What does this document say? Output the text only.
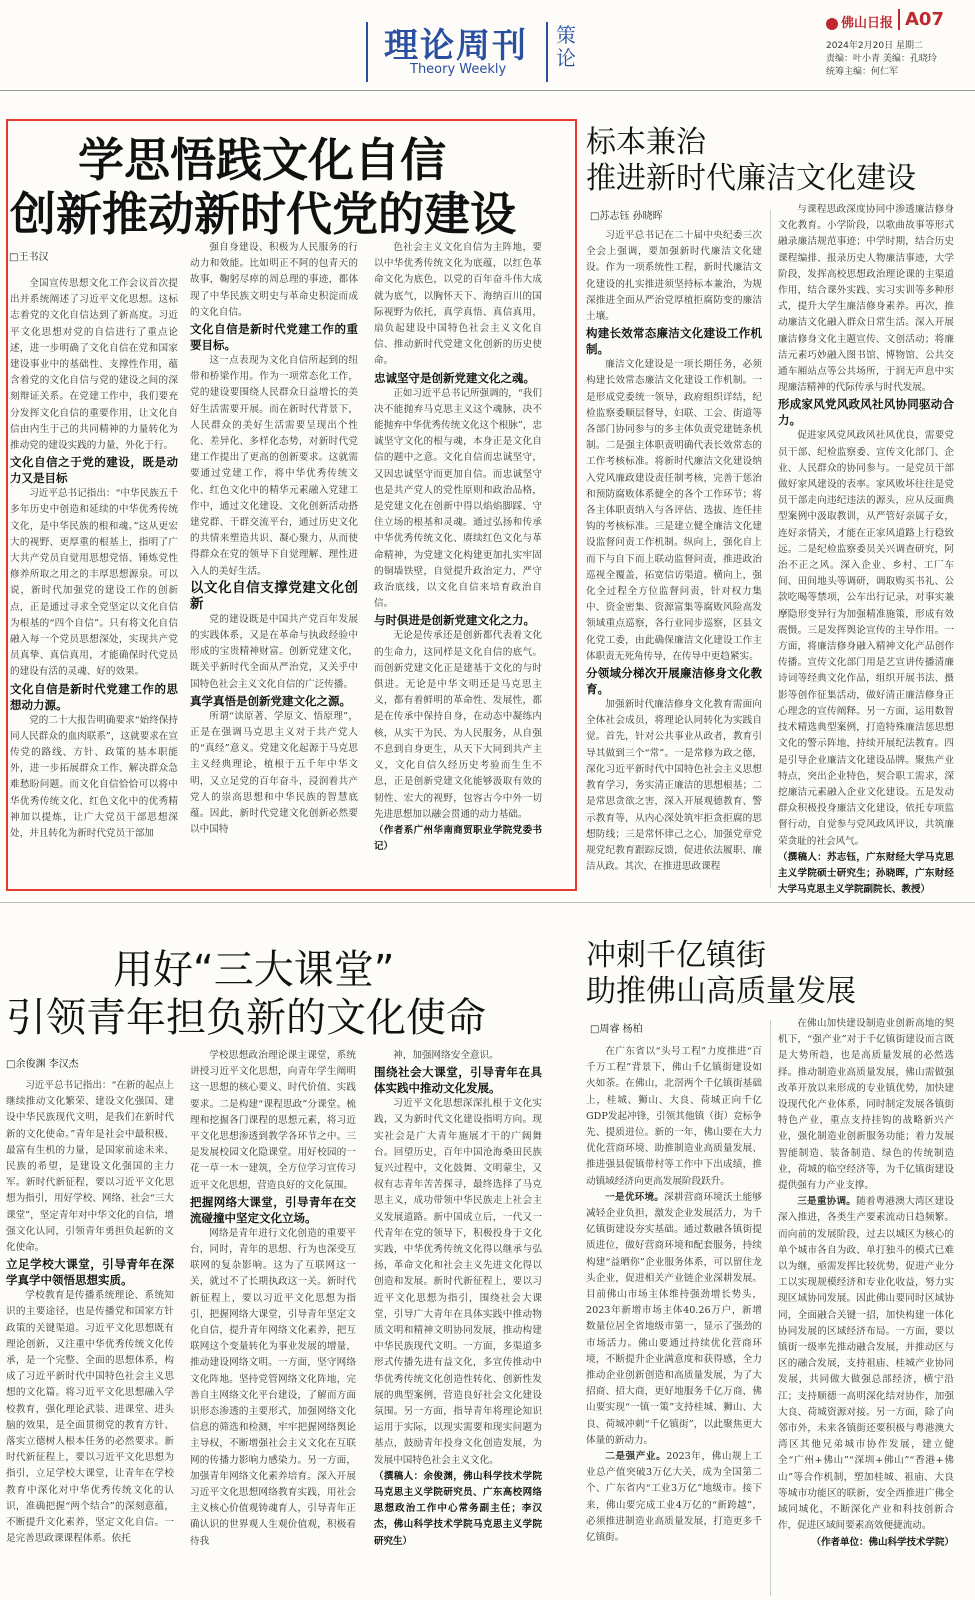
理论周刊
Theory Weekly
策论
佛山日报 A07
2024年2月20日 星期二
责编：叶小青 美编：孔晓玲
统筹主编：何仁军
学思悟践文化自信
创新推动新时代党的建设
□王书汉

全国宣传思想文化工作会议首次提出并系统阐述了习近平文化思想。这标志着党的文化自信达到了新高度。习近平文化思想对党的自信进行了重点论述，进一步明确了文化自信在党和国家建设事业中的基础性、支撑性作用，蕴含着党的文化自信与党的建设之间的深刻辩证关系。在党建工作中，我们要充分发挥文化自信的重要作用，让文化自信由内生于己的共同精神的力量转化为推动党的建设实践的力量，外化于行。

文化自信之于党的建设，既是动力又是目标

习近平总书记指出：“中华民族五千多年历史中创造和延续的中华优秀传统文化，是中华民族的根和魂。”这从更宏大的视野、更厚重的根基上，指明了广大共产党员自觉用思想党悟、锤炼党性修养所取之用之的丰厚思想源泉。可以说，新时代加强党的建设工作的创新点，正是通过寻求全党坚定以文化自信为根基的“四个自信”。只有将文化自信融入每一个党员思想深处，实现共产党员真挚、真信真用，才能确保时代党员的建设有活的灵魂、好的效果。

文化自信是新时代党建工作的思想动力源。

党的二十大报告明确要求“始终保持同人民群众的血肉联系”，这就要求在宣传党的路线、方针、政策的基本职能外，进一步拓展群众工作、解决群众急难愁盼问题。而文化自信恰恰可以将中华优秀传统文化、红色文化中的优秀精神加以提炼，让广大党员干部思想深处，并且转化为新时代党员干部加

强自身建设、积极为人民服务的行动力和效能。比如明正不阿的包青天的故事，鞠躬尽瘁的周总理的事迹，都体现了中华民族文明史与革命史积淀而成的文化自信。

文化自信是新时代党建工作的重要目标。

这一点表现为文化自信所起到的纽带和桥梁作用。作为一项常态化工作，党的建设要围绕人民群众日益增长的美好生活需要开展。而在新时代背景下，人民群众的美好生活需要呈现出个性化、差异化、多样化态势，对新时代党建工作提出了更高的创新要求。这就需要通过党建工作，将中华优秀传统文化、红色文化中的精华元素融入党建工作中，通过文化建设、文化创新活动搭建党群、干群交流平台，通过历史文化的共情来塑造共识、凝心聚力，从而使得群众在党的领导下自觉理解、理性进入人的美好生活。

以文化自信支撑党建文化创新

党的建设既是中国共产党百年发展的实践体系，又是在革命与执政经验中形成的宝贵精神财富。创新党建文化，既关乎新时代全面从严治党，又关乎中国特色社会主义文化自信的广泛传播。

真学真悟是创新党建文化之源。

所谓“读原著、学原文、悟原理”，正是在强调马克思主义对于共产党人的“真经”意义。党建文化起源于马克思主义经典理论，植根于五千年中华文明，又立足党的百年奋斗，浸润着共产党人的崇高思想和中华民族的智慧底蕴。因此，新时代党建文化创新必然要以中国特

色社会主义文化自信为主阵地，要以中华优秀传统文化为底蕴，以红色革命文化为底色，以党的百年奋斗伟大成就为底气，以胸怀天下、海纳百川的国际视野为依托，真学真悟、真信真用，扇负起建设中国特色社会主义文化自信、推动新时代党建文化创新的历史使命。

忠诚坚守是创新党建文化之魂。

正如习近平总书记所强调的，“我们决不能抛弃马克思主义这个魂脉，决不能抛弃中华优秀传统文化这个根脉”，忠诚坚守文化的根与魂，本身正是文化自信的题中之意。文化自信而忠诚坚守，又因忠诚坚守而更加自信。而忠诚坚守也是共产党人的党性原则和政治品格，是党建文化在创新中得以焰焰脚踩、守住立场的根基和灵魂。通过弘扬和传承中华优秀传统文化、赓续红色文化与革命精神，为党建文化构建更加扎实牢固的铜墙铁壁，自觉提升政治定力，严守政治底线，以文化自信来培育政治自信。

与时俱进是创新党建文化之力。

无论是传承还是创新都代表着文化的生命力，这同样是文化自信的底气。而创新党建文化正是建基于文化的与时俱进。无论是中华文明还是马克思主义，都有着鲜明的革命性、发展性，都是在传承中保持自身，在动态中凝练内核，从实干为民、为人民服务，从自强不息到自身更生，从天下大同到共产主义，文化自信久经历史考验而生生不息，正是创新党建文化能够汲取有效的韧性、宏大的视野，包容古今中外一切先进思想加以融会贯通的动力基础。

（作者系广州华南商贸职业学院党委书记）

标本兼治
推进新时代廉洁文化建设
□苏志钰 孙晓晖

习近平总书记在二十届中央纪委三次全会上强调，要加强新时代廉洁文化建设。作为一项系统性工程，新时代廉洁文化建设的扎实推进须坚持标本兼治，为规深推进全面从严治党厚植拒腐防变的廉洁土壤。

构建长效常态廉洁文化建设工作机制。

廉洁文化建设是一项长期任务，必须构建长效常态廉洁文化建设工作机制。一是形成党委统一领导，政府组织详结，纪检监察委顺层督导，妇联、工会、街道等各部门协同参与的多主体负责党建链条机制。二是强主体职责明确代表长效常态的工作考核标准。将新时代廉洁文化建设纳入党风廉政建设责任制考核，完善于惩治和预防腐败体系健全的各个工作环节；将各主体职责纳入与各评估、选拔、连任挂钩的考核标准。三是建立健全廉洁文化建设监督问责工作机制。纵向上，强化自上而下与自下而上联动监督问责，推进政治巡视全覆盖，拓宽信访渠道。横向上，强化全过程全方位监督问责，针对权力集中、资金密集、资源富集等腐败风险高发领域重点巡察，各行业同步巡察，区县文化党工委，由此确保廉洁文化建设工作主体职责无死角传导，在传导中更趋紧实。

分领域分梯次开展廉洁修身文化教育。

加强新时代廉洁修身文化教育需面向全体社会成员，将理论认同转化为实践自觉。首先，针对公共事业从政者，教育引导其做到三个“常”。一是常修为政之德，深化习近平新时代中国特色社会主义思想教育学习，务实清正廉洁的思想根基；二是常思贪欲之害，深入开展观德教育、警示教育等，从内心深处筑牢拒贪拒腐的思想防线；三是常怀律己之心，加强党章党规党纪教育跟踪反馈，促进依法履职、廉洁从政。其次，在推进思政课程

与课程思政深度协同中渗透廉洁修身文化教育。小学阶段，以歌曲故事等形式融录廉洁规范事迹；中学时期，结合历史课程编排、报录历史人物廉洁事迹，大学阶段，发挥高校思想政治理论课的主渠道作用，结合课外实践、实习实训等多种形式，提升大学生廉洁修身素养。再次，推动廉洁文化融入群众日常生活。深入开展廉洁修身文化主题宣传、文创活动；将廉洁元素巧妙融入图书馆、博物馆、公共交通车厢站点等公共场所，于润无声息中实现廉洁精神的代际传承与时代发展。

形成家风党风政风社风协同驱动合力。

促进家风党风政风社风优良，需要党员干部、纪检监察委、宣传文化部门、企业、人民群众的协同参与。一是党员干部做好家风建设的表率。家风败坏往往是党员干部走向违纪违法的源头，应从反面典型案例中汲取教训，从严管好亲属子女，连好亲情关，才能在正家风道路上行稳致远。二是纪检监察委员关兴调查研究，阿治不正之风。深入企业、乡村、工厂车间、田间地头等调研，调取购买书礼、公款吃喝等禁项，公车出行记录，对事实兼摩隐形变异行为加强精准施策，形成有效震慑。三是发挥舆论宣传的主导作用。一方面，将廉洁修身融入精神文化产品创作传播。宣传文化部门用是艺宣讲传播清廉诗词等经典文化作品，组织开展书法、摄影等创作征集活动，做好清正廉洁修身正心理念的宣传阐释。另一方面，运用数智技术精选典型案例，打造特殊廉洁惩思想文化的警示阵地，持续开展纪法教育。四是引导企业廉洁文化建设品牌。聚焦产业特点，突出企业特色，契合职工需求，深挖廉洁元素融入企业文化建设。五是发动群众积极投身廉洁文化建设，依托专项监督行动，自觉参与党风政风评议，共筑廉荣贪耻的社会风气。

（撰稿人：苏志钰，广东财经大学马克思主义学院硕士研究生；孙晓晖，广东财经大学马克思主义学院副院长、教授）

用好“三大课堂”
引领青年担负新的文化使命
□余俊渊 李汉杰

习近平总书记指出：“在新的起点上继续推动文化繁荣、建设文化强国、建设中华民族现代文明，是我们在新时代新的文化使命。”青年是社会中最积极、最富有生机的力量，是国家前途未来、民族的希望，是建设文化强国的主力军。新时代新征程，要以习近平文化思想为指引，用好学校、网络、社会“三大课堂”，坚定青年对中华文化的自信，增强文化认同，引领青年勇担负起新的文化使命。

立足学校大课堂，引导青年在深学真学中领悟思想实质。

学校教育是传播系统理论、系统知识的主要途径，也是传播党和国家方针政策的关键渠道。习近平文化思想既有理论创新，又注重中华优秀传统文化传承，是一个完整、全面的思想体系，构成了习近平新时代中国特色社会主义思想的文化篇。将习近平文化思想融入学校教育，强化理论武装、进课堂、进头脑的效果，是全面贯彻党的教育方针、落实立德树人根本任务的必然要求。新时代新征程上，要以习近平文化思想为指引，立足学校大课堂，让青年在学校教育中深化对中华优秀传统文化的认识，准确把握“两个结合”的深刻意蕴，不断提升文化素养，坚定文化自信。一是完善思政课课程体系。依托

学校思想政治理论课主课堂，系统讲授习近平文化思想，向青年学生阐明这一思想的核心要义、时代价值、实践要求。二是构建“课程思政”分课堂。梳理和挖掘各门课程的思想元素，将习近平文化思想渗透到教学各环节之中。三是发展校园文化隐课堂。用好校园的一花一草一木一建筑，全方位学习宣传习近平文化思想，营造良好的文化氛围。

把握网络大课堂，引导青年在交流碰撞中坚定文化立场。

网络是青年进行文化创造的重要平台，同时，青年的思想、行为也深受互联网的复杂影响。这为了互联网这一关，就过不了长期执政这一关。新时代新征程上，要以习近平文化思想为指引，把握网络大课堂，引导青年坚定文化自信，提升青年网络文化素养，把互联网这个变量转化为事业发展的增量，推动建设网络文明。一方面，坚守网络文化阵地。坚持党管网络文化阵地，完善自主网络文化平台建设，了解而方面识形态渗透的主要形式，加强网络文化信息的筛选和检测，牢牢把握网络舆论主导权，不断增强社会主义文化在互联网的传播力影响力感染力。另一方面，加强青年网络文化素养培育。深入开展习近平文化思想网络教育实践，用社会主义核心价值观铸魂育人，引导青年正确认识的世界观人生观价值观，积极看待我

神，加强网络安全意识。

围绕社会大课堂，引导青年在具体实践中推动文化发展。

习近平文化思想深深扎根于文化实践，又为新时代文化建设指明方向。现实社会是广大青年施展才干的广阔舞台。回望历史，百年中国沧海桑田民族复兴过程中，文化鼓舞、文明蒙尘，又叔有志青年苦苦探寻，最终选择了马克思主义，成功带领中华民族走上社会主义发展道路。新中国成立后，一代又一代青年在党的领导下，积极投身于文化实践，中华优秀传统文化得以继承与弘扬，革命文化和社会主义先进文化得以创造和发展。新时代新征程上，要以习近平文化思想为指引，围绕社会大课堂，引导广大青年在具体实践中推动物质文明和精神文明协同发展，推动构建中华民族现代文明。一方面，多渠道多形式传播先进有益文化，多宣传推动中华优秀传统文化创造性转化、创新性发展的典型案例，营造良好社会文化建设氛围。另一方面，指导青年将理论知识运用于实际，以现实需要和现实问题为基点，鼓励青年投身文化创造发展，为发展中国特色社会主义文化。

（撰稿人：余俊渊，佛山科学技术学院马克思主义学院研究员、广东高校网络思想政治工作中心常务副主任；李汉杰，佛山科学技术学院马克思主义学院研究生）

冲刺千亿镇街
助推佛山高质量发展
□周睿 杨柏

在广东省以“头号工程”力度推进“百千万工程”背景下，佛山千亿镇街建设如火如荼。在佛山，北滘两个千亿镇街基础上，桂城、狮山、大良、荷城正向千亿GDP发起冲锋，引领其他镇（街）竞标争先、提质进位。新的一年，佛山要在大力优化营商环境、助推制造业高质量发展、推进强县促镇带村等工作中下出成绩，推动镇域经济向更高发展阶段跃升。

一是优环境。深耕营商环境沃土能够减轻企业负担，激发企业发展活力，为千亿镇街建设夯实基础。通过数融各镇街提质进位，做好营商环境和配套服务，持续构建“益晒你”企业服务体系，可以留住龙头企业，促进相关产业链企业深耕发展。目前佛山市场主体维持强劲增长势头，2023年新增市场主体40.26万户，新增数量位居全省地级市第一，显示了强劲的市场活力。佛山要通过持续优化营商环境，不断提升企业满意度和获得感，全力推动企业创新创造和高质量发展，为了大招商、招大商，更好地服务千亿万商，佛山要实现“一镇一策”支持桂城、狮山、大良、荷城冲刺“千亿镇街”，以此聚焦更大体量的新动力。

二是强产业。2023年，佛山规上工业总产值突破3万亿大关，成为全国第二个、广东省内“工业3万亿”地级市。接下来，佛山要完成工业4万亿的“新跨越”，必须推进制造业高质量发展，打造更多千亿镇街。

在佛山加快建设制造业创新高地的契机下，“强产业”对于千亿镇街建设而言既是大势所趋，也是高质量发展的必然选择。推动制造业高质量发展，佛山需做强改革开放以来形成的专业镇优势，加快建设现代化产业体系，同时制定发展各镇街特色产业，重点支持挂钩的战略新兴产业，强化制造业创新服务功能；着力发展智能制造、装备制造、绿色的传统制造业，荷城的临空经济等，为千亿镇街建设提供强有力产业支撑。

三是重协调。随着粤港澳大湾区建设深入推进，各类生产要素流动日趋频繁。而向前的发展阶段，过去以城区为核心的单个城市各自为政、单打独斗的模式已难以为继，亟需发挥比较优势，促进产业分工以实现规模经济和专业化收益，努力实现区域协同发展。因此佛山要同时区域协同，全面融合关键一招，加快构建一体化协同发展的区域经济布局。一方面，要以镇街一级率先推动融合发展，并推动区与区的融合发展，支持祖庙、桂城产业协同发展，共同做大做强总部经济，横宁沿江；支持顺德一高明深化结对协作，加强大良、荷城资源对接。另一方面，除了向邻市外，未来各镇街还要积极与粤港澳大湾区其他兄弟城市协作发展，建立健全“广州+佛山”“深圳+佛山”“香港+佛山”等合作机制，塑加桂城、祖庙、大良等城市功能区的联新，安全西推进广佛全域同城化，不断深化产业和科技创新合作，促进区域间要素高效便捷流动。

（作者单位：佛山科学技术学院）
